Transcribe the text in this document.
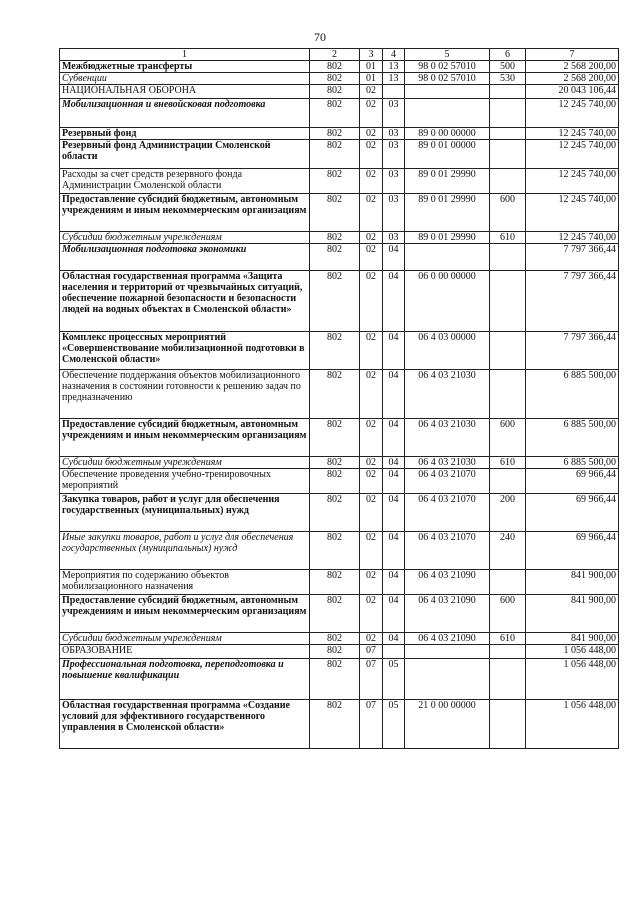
70
1	2	3	4	5	6	7
Межбюджетные трансферты	802	01	13	98 0 02 57010	500	2 568 200,00
Субвенции	802	01	13	98 0 02 57010	530	2 568 200,00
НАЦИОНАЛЬНАЯ ОБОРОНА	802	02				20 043 106,44
Мобилизационная и вневойсковая подготовка	802	02	03			12 245 740,00
Резервный фонд	802	02	03	89 0 00 00000		12 245 740,00
Резервный фонд Администрации Смоленской области	802	02	03	89 0 01 00000		12 245 740,00
Расходы за счет средств резервного фонда Администрации Смоленской области	802	02	03	89 0 01 29990		12 245 740,00
Предоставление субсидий бюджетным, автономным учреждениям и иным некоммерческим организациям	802	02	03	89 0 01 29990	600	12 245 740,00
Субсидии бюджетным учреждениям	802	02	03	89 0 01 29990	610	12 245 740,00
Мобилизационная подготовка экономики	802	02	04			7 797 366,44
Областная государственная программа «Защита населения и территорий от чрезвычайных ситуаций, обеспечение пожарной безопасности и безопасности людей на водных объектах в Смоленской области»	802	02	04	06 0 00 00000		7 797 366,44
Комплекс процессных мероприятий «Совершенствование мобилизационной подготовки в Смоленской области»	802	02	04	06 4 03 00000		7 797 366,44
Обеспечение поддержания объектов мобилизационного назначения в состоянии готовности к решению задач по предназначению	802	02	04	06 4 03 21030		6 885 500,00
Предоставление субсидий бюджетным, автономным учреждениям и иным некоммерческим организациям	802	02	04	06 4 03 21030	600	6 885 500,00
Субсидии бюджетным учреждениям	802	02	04	06 4 03 21030	610	6 885 500,00
Обеспечение проведения учебно-тренировочных мероприятий	802	02	04	06 4 03 21070		69 966,44
Закупка товаров, работ и услуг для обеспечения государственных (муниципальных) нужд	802	02	04	06 4 03 21070	200	69 966,44
Иные закупки товаров, работ и услуг для обеспечения государственных (муниципальных) нужд	802	02	04	06 4 03 21070	240	69 966,44
Мероприятия по содержанию объектов мобилизационного назначения	802	02	04	06 4 03 21090		841 900,00
Предоставление субсидий бюджетным, автономным учреждениям и иным некоммерческим организациям	802	02	04	06 4 03 21090	600	841 900,00
Субсидии бюджетным учреждениям	802	02	04	06 4 03 21090	610	841 900,00
ОБРАЗОВАНИЕ	802	07				1 056 448,00
Профессиональная подготовка, переподготовка и повышение квалификации	802	07	05			1 056 448,00
Областная государственная программа «Создание условий для эффективного государственного управления в Смоленской области»	802	07	05	21 0 00 00000		1 056 448,00
